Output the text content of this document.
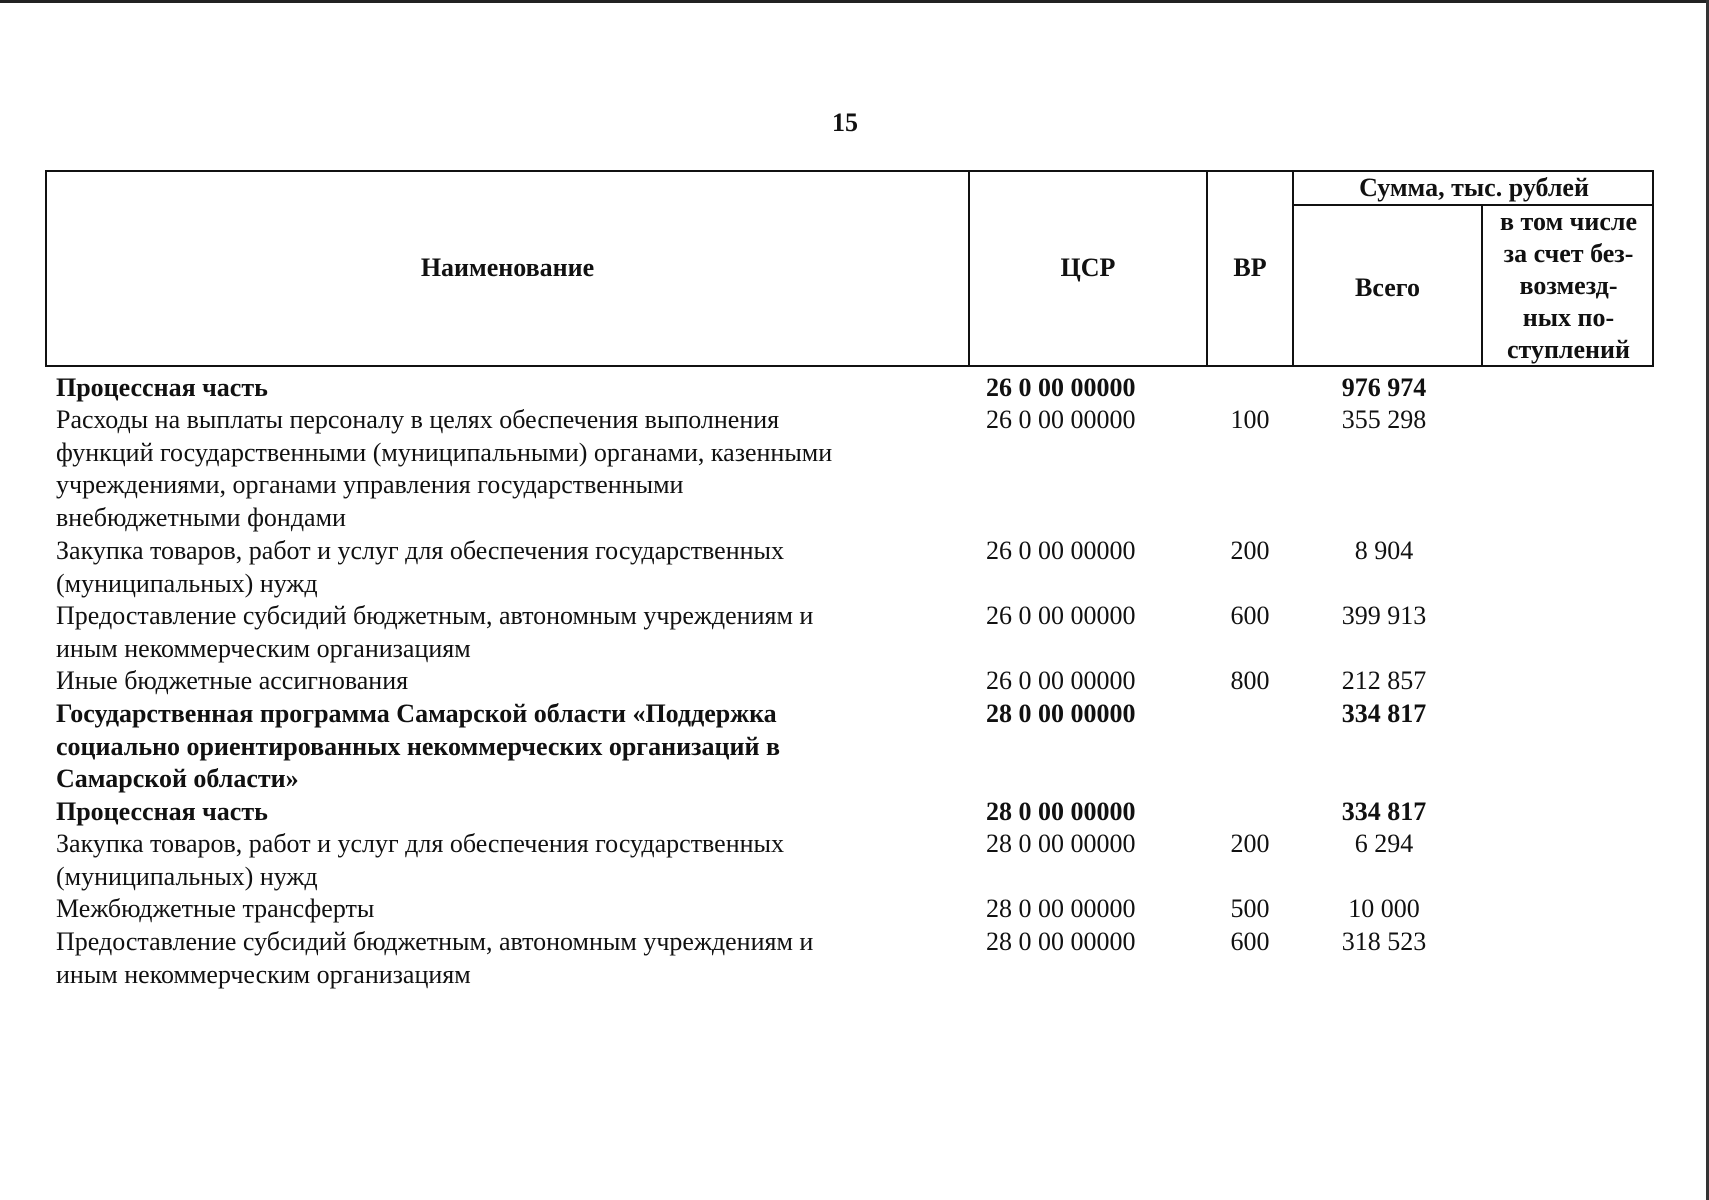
15
Наименование	ЦСР	ВР
Сумма, тыс. рублей
Всего
в том числе
за счет без-
возмезд-
ных по-
ступлений
Процессная часть	26 0 00 00000	976 974
Расходы на выплаты персоналу в целях обеспечения выполнения
функций государственными (муниципальными) органами, казенными
учреждениями, органами управления государственными
внебюджетными фондами
26 0 00 00000	100	355 298
Закупка товаров, работ и услуг для обеспечения государственных
(муниципальных) нужд
26 0 00 00000	200	8 904
Предоставление субсидий бюджетным, автономным учреждениям и
иным некоммерческим организациям
26 0 00 00000	600	399 913
Иные бюджетные ассигнования	26 0 00 00000	800	212 857
Государственная программа Самарской области «Поддержка
социально ориентированных некоммерческих организаций в
Самарской области»
28 0 00 00000	334 817
Процессная часть	28 0 00 00000	334 817
Закупка товаров, работ и услуг для обеспечения государственных
(муниципальных) нужд
28 0 00 00000	200	6 294
Межбюджетные трансферты	28 0 00 00000	500	10 000
Предоставление субсидий бюджетным, автономным учреждениям и
иным некоммерческим организациям
28 0 00 00000	600	318 523
